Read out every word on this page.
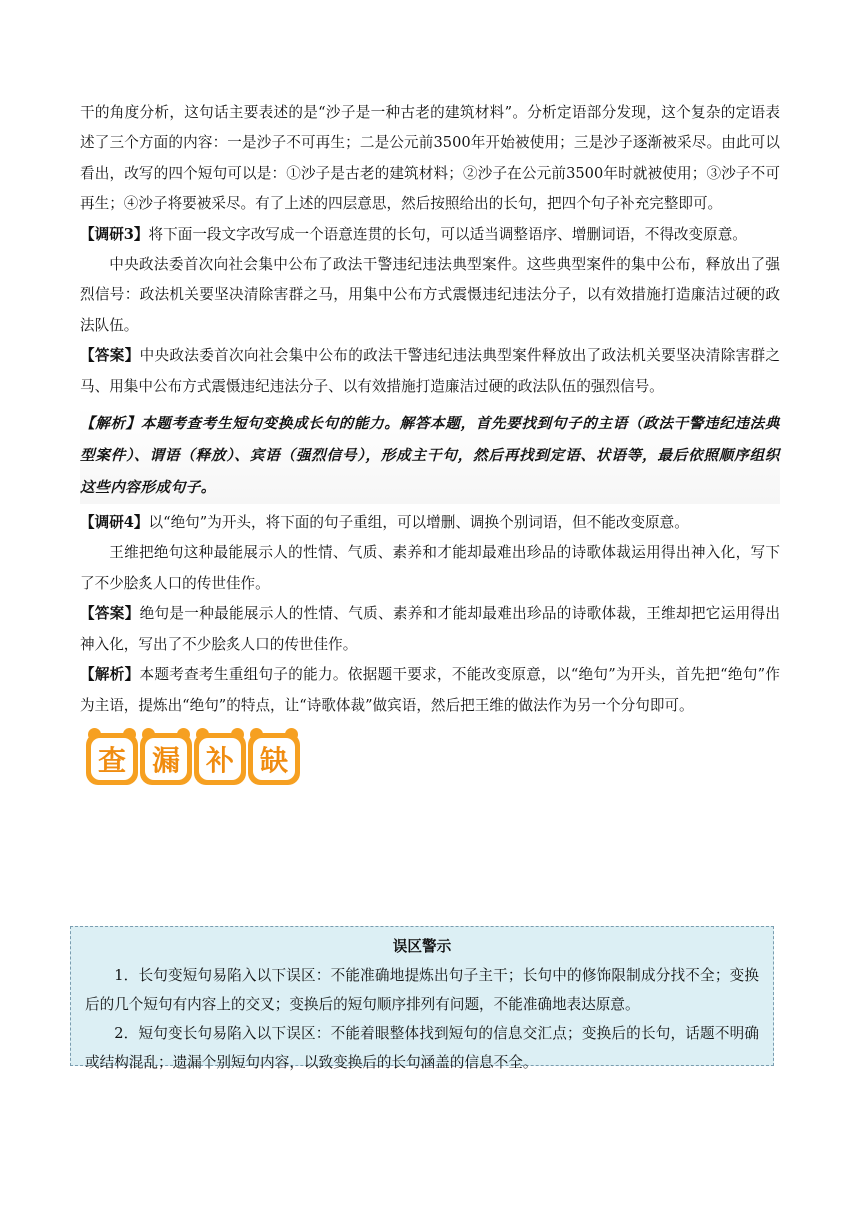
干的角度分析，这句话主要表述的是“沙子是一种古老的建筑材料”。分析定语部分发现，这个复杂的定语表述了三个方面的内容：一是沙子不可再生；二是公元前3500年开始被使用；三是沙子逐渐被采尽。由此可以看出，改写的四个短句可以是：①沙子是古老的建筑材料；②沙子在公元前3500年时就被使用；③沙子不可再生；④沙子将要被采尽。有了上述的四层意思，然后按照给出的长句，把四个句子补充完整即可。

【调研3】将下面一段文字改写成一个语意连贯的长句，可以适当调整语序、增删词语，不得改变原意。

中央政法委首次向社会集中公布了政法干警违纪违法典型案件。这些典型案件的集中公布，释放出了强烈信号：政法机关要坚决清除害群之马，用集中公布方式震慑违纪违法分子，以有效措施打造廉洁过硬的政法队伍。

【答案】中央政法委首次向社会集中公布的政法干警违纪违法典型案件释放出了政法机关要坚决清除害群之马、用集中公布方式震慑违纪违法分子、以有效措施打造廉洁过硬的政法队伍的强烈信号。

【解析】本题考查考生短句变换成长句的能力。解答本题，首先要找到句子的主语（政法干警违纪违法典型案件）、谓语（释放）、宾语（强烈信号），形成主干句，然后再找到定语、状语等，最后依照顺序组织这些内容形成句子。

【调研4】以“绝句”为开头，将下面的句子重组，可以增删、调换个别词语，但不能改变原意。

王维把绝句这种最能展示人的性情、气质、素养和才能却最难出珍品的诗歌体裁运用得出神入化，写下了不少脍炙人口的传世佳作。

【答案】绝句是一种最能展示人的性情、气质、素养和才能却最难出珍品的诗歌体裁，王维却把它运用得出神入化，写出了不少脍炙人口的传世佳作。

【解析】本题考查考生重组句子的能力。依据题干要求，不能改变原意，以“绝句”为开头，首先把“绝句”作为主语，提炼出“绝句”的特点，让“诗歌体裁”做宾语，然后把王维的做法作为另一个分句即可。

查 漏 补 缺
误区警示

1．长句变短句易陷入以下误区：不能准确地提炼出句子主干；长句中的修饰限制成分找不全；变换后的几个短句有内容上的交叉；变换后的短句顺序排列有问题，不能准确地表达原意。

2．短句变长句易陷入以下误区：不能着眼整体找到短句的信息交汇点；变换后的长句，话题不明确或结构混乱；遗漏个别短句内容，以致变换后的长句涵盖的信息不全。
